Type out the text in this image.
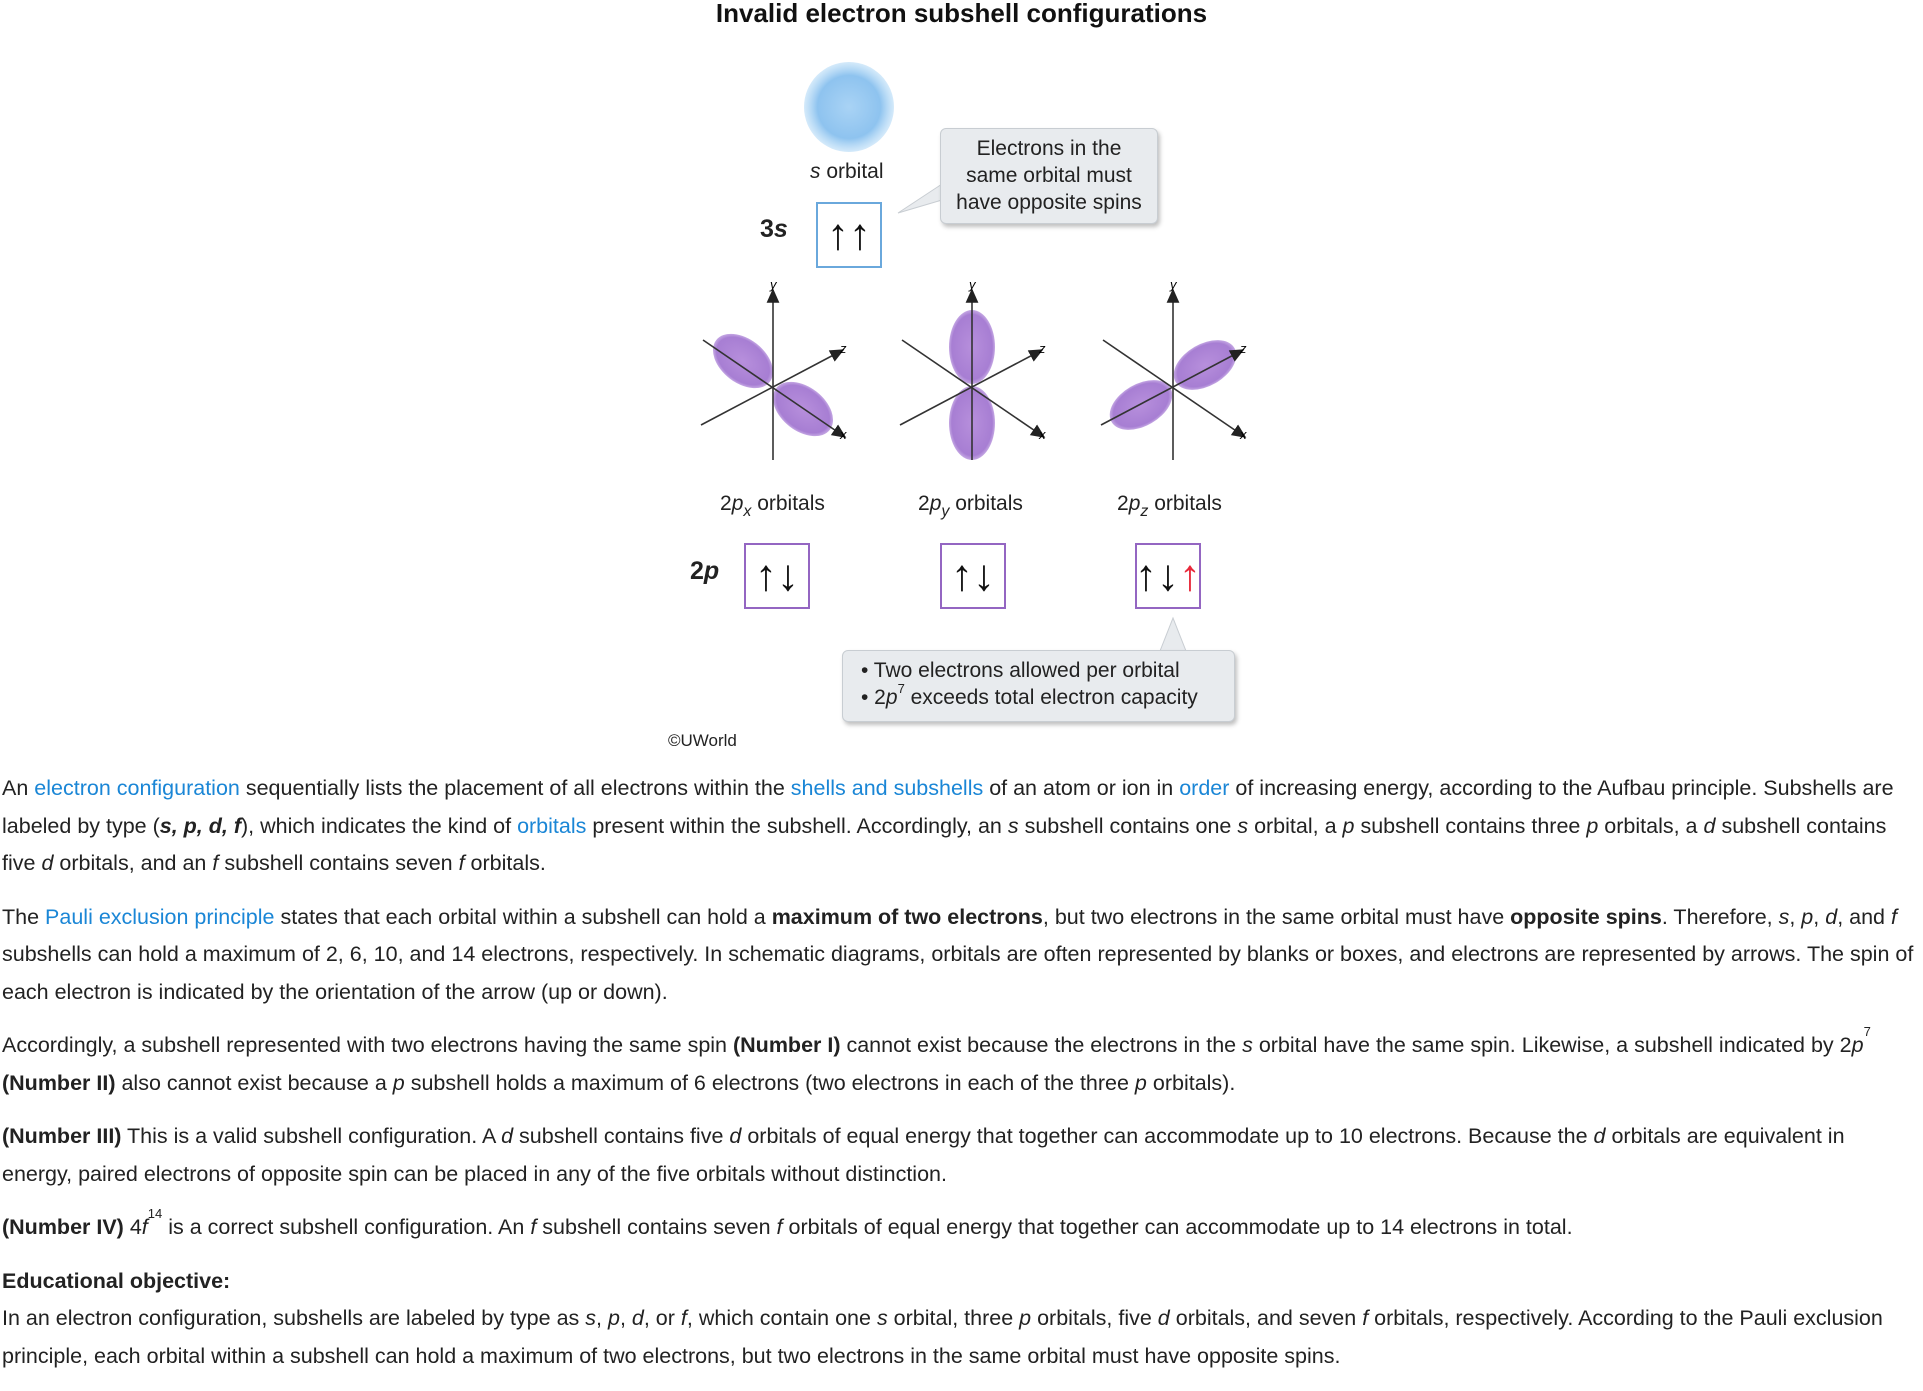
Invalid electron subshell configurations
y
z
x
y
z
x
y
z
x
s orbital
3s ↑↑
Electrons in the
same orbital must
have opposite spins
$2p_x$ orbitals	$2p_y$ orbitals	$2p_z$ orbitals
2p ↑↓	↑↓	↑↓ ↑
• Two electrons allowed per orbital
• $2p^7$ exceeds total electron capacity
©UWorld

An electron configuration sequentially lists the placement of all electrons within the shells and subshells of an atom or ion in order of increasing energy, according to the Aufbau principle. Subshells are labeled by type (s, p, d, f), which indicates the kind of orbitals present within the subshell. Accordingly, an s subshell contains one s orbital, a p subshell contains three p orbitals, a d subshell contains five d orbitals, and an f subshell contains seven f orbitals.

The Pauli exclusion principle states that each orbital within a subshell can hold a maximum of two electrons, but two electrons in the same orbital must have opposite spins. Therefore, s, p, d, and f subshells can hold a maximum of 2, 6, 10, and 14 electrons, respectively. In schematic diagrams, orbitals are often represented by blanks or boxes, and electrons are represented by arrows. The spin of each electron is indicated by the orientation of the arrow (up or down).

Accordingly, a subshell represented with two electrons having the same spin (Number I) cannot exist because the electrons in the s orbital have the same spin. Likewise, a subshell indicated by $2p^7$ (Number II) also cannot exist because a p subshell holds a maximum of 6 electrons (two electrons in each of the three p orbitals).

(Number III) This is a valid subshell configuration. A d subshell contains five d orbitals of equal energy that together can accommodate up to 10 electrons. Because the d orbitals are equivalent in energy, paired electrons of opposite spin can be placed in any of the five orbitals without distinction.

(Number IV) $4f^{14}$ is a correct subshell configuration. An f subshell contains seven f orbitals of equal energy that together can accommodate up to 14 electrons in total.

Educational objective:

In an electron configuration, subshells are labeled by type as s, p, d, or f, which contain one s orbital, three p orbitals, five d orbitals, and seven f orbitals, respectively. According to the Pauli exclusion principle, each orbital within a subshell can hold a maximum of two electrons, but two electrons in the same orbital must have opposite spins.
